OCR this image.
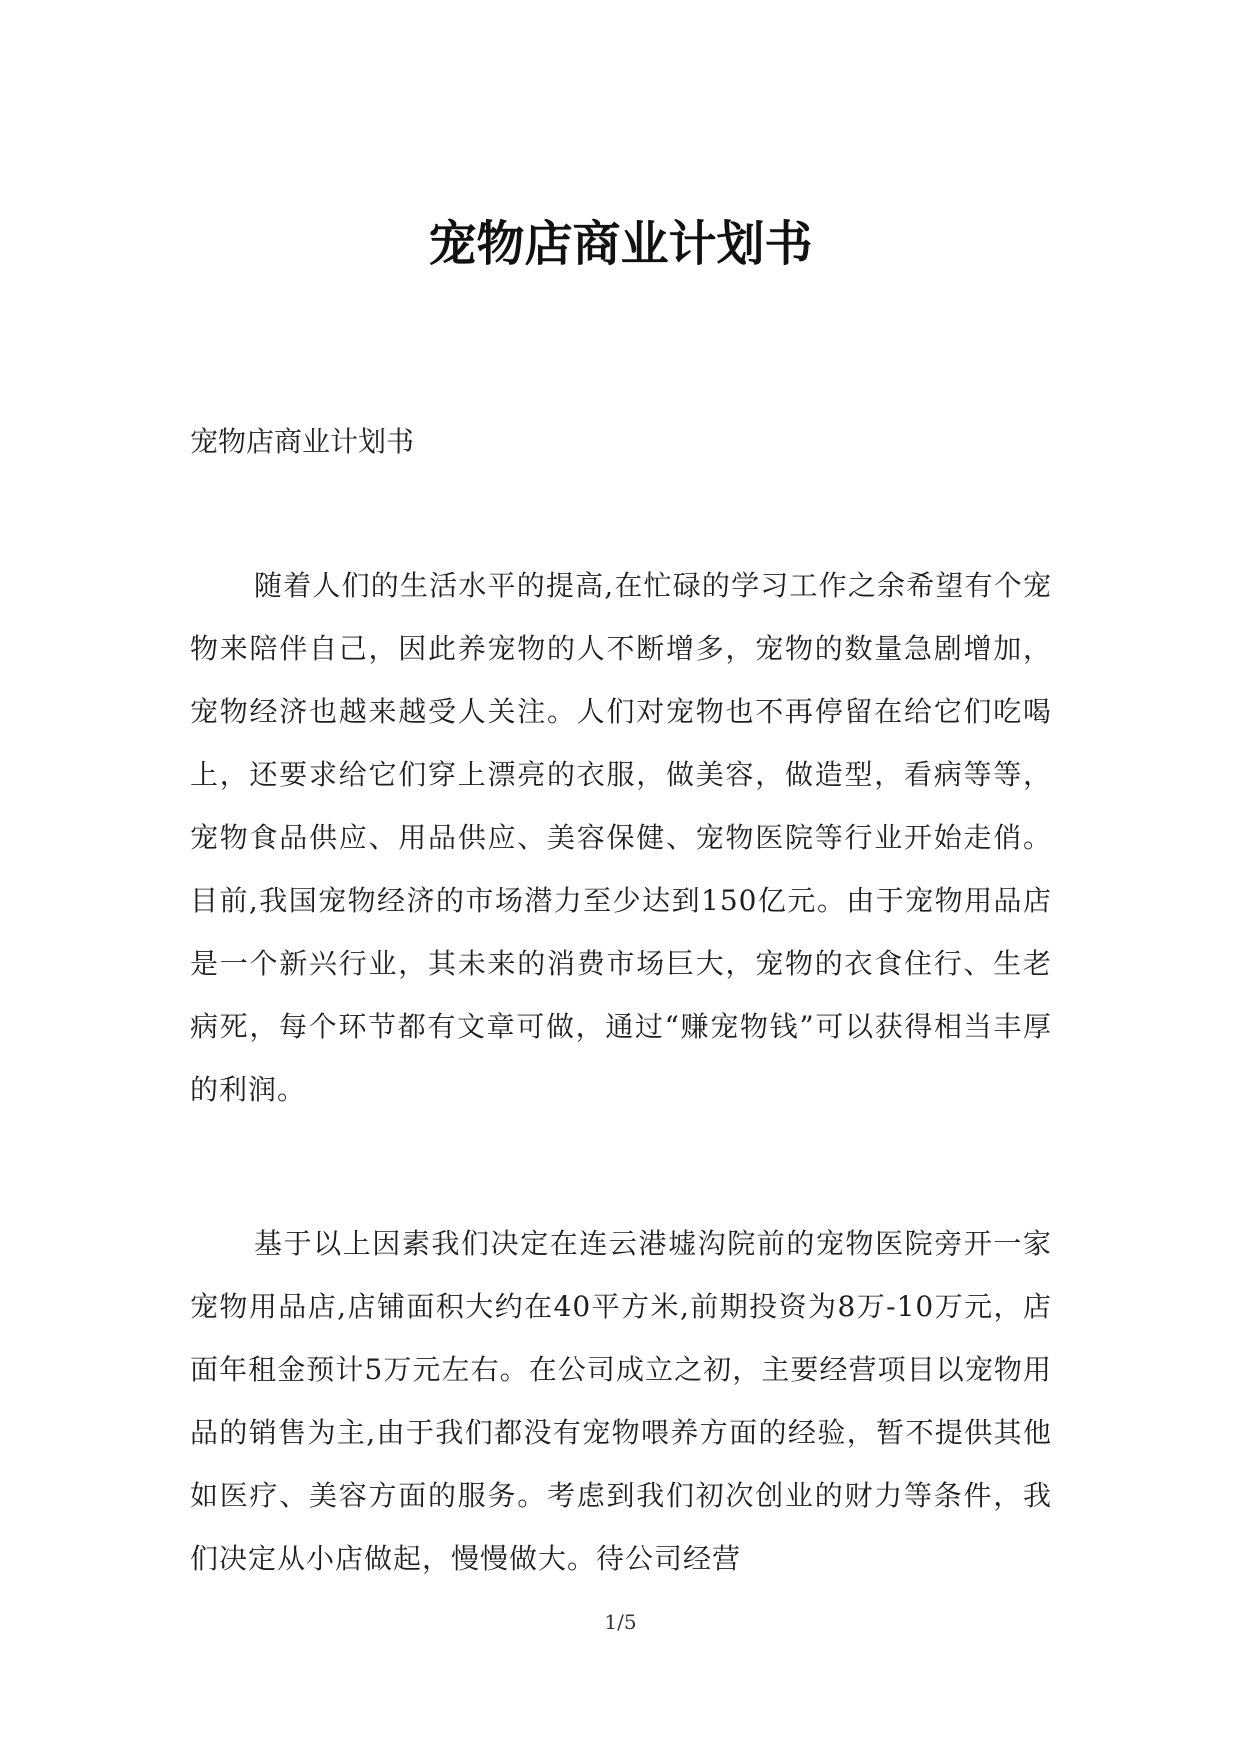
宠物店商业计划书

宠物店商业计划书

随着人们的生活水平的提高,在忙碌的学习工作之余希望有个宠物来陪伴自己，因此养宠物的人不断增多，宠物的数量急剧增加，宠物经济也越来越受人关注。人们对宠物也不再停留在给它们吃喝上，还要求给它们穿上漂亮的衣服，做美容，做造型，看病等等，宠物食品供应、用品供应、美容保健、宠物医院等行业开始走俏。目前,我国宠物经济的市场潜力至少达到150亿元。由于宠物用品店是一个新兴行业，其未来的消费市场巨大，宠物的衣食住行、生老病死，每个环节都有文章可做，通过“赚宠物钱”可以获得相当丰厚的利润。

基于以上因素我们决定在连云港墟沟院前的宠物医院旁开一家宠物用品店,店铺面积大约在40平方米,前期投资为8万-10万元，店面年租金预计5万元左右。在公司成立之初，主要经营项目以宠物用品的销售为主,由于我们都没有宠物喂养方面的经验，暂不提供其他如医疗、美容方面的服务。考虑到我们初次创业的财力等条件，我们决定从小店做起，慢慢做大。待公司经营

1/5
